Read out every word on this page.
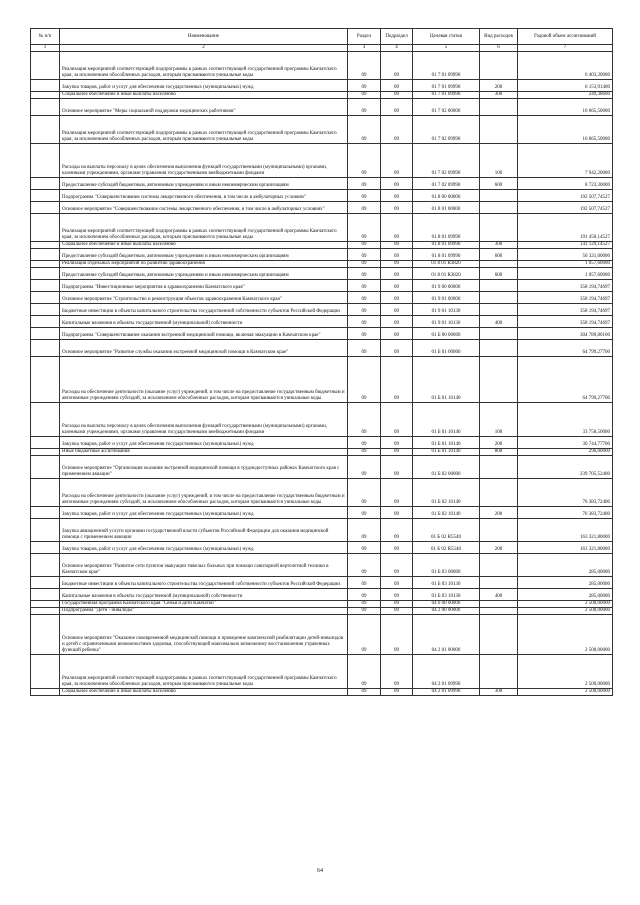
№ п/п	Наименование	Раздел	Подраздел	Целевая статья	Вид расходов	Годовой объем ассигнований
1	2	3	4	5	6	7
	Реализация мероприятий соответствующей подпрограммы в рамках соответствующей государственной программы Камчатского края, за исключением обособленных расходов, которым присваиваются уникальные коды	09	09	01 7 01 09990		6 403,30000
	Закупка товаров, работ и услуг для обеспечения государственных (муниципальных) нужд	09	09	01 7 01 09990	200	6 153,91400
	Социальное обеспечение и иные выплаты населению	09	09	01 7 01 09990	300	249,38600
	Основное мероприятие "Меры социальной поддержки медицинских работников"	09	09	01 7 02 00000		16 665,50000
	Реализация мероприятий соответствующей подпрограммы в рамках соответствующей государственной программы Камчатского края, за исключением обособленных расходов, которым присваиваются уникальные коды	09	09	01 7 02 09990		16 665,50000
	Расходы на выплаты персоналу в целях обеспечения выполнения функций государственными (муниципальными) органами, казенными учреждениями, органами управления государственными внебюджетными фондами	09	09	01 7 02 09990	100	7 942,20000
	Предоставление субсидий бюджетным, автономным учреждениям и иным некоммерческим организациям	09	09	01 7 02 09990	600	8 723,30000
	Подпрограмма "Совершенствование системы лекарственного обеспечения, в том числе в амбулаторных условиях"	09	09	01 8 00 00000		192 507,74527
	Основное мероприятие "Совершенствование системы лекарственного обеспечения, в том числе в амбулаторных условиях"	09	09	01 8 01 00000		192 507,74527
	Реализация мероприятий соответствующей подпрограммы в рамках соответствующей государственной программы Камчатского края, за исключением обособленных расходов, которым присваиваются уникальные коды	09	09	01 8 01 09990		191 450,14527
	Социальное обеспечение и иные выплаты населению	09	09	01 8 01 09990	300	141 129,14527
	Предоставление субсидий бюджетным, автономным учреждениям и иным некоммерческим организациям	09	09	01 8 01 09990	600	50 321,00000
	Реализация отдельных мероприятий по развитию здравоохранения	09	09	01 8 01 R3820		1 057,60000
	Предоставление субсидий бюджетным, автономным учреждениям и иным некоммерческим организациям	09	09	01 8 01 R3820	600	1 057,60000
	Подпрограмма "Инвестиционные мероприятия в здравоохранении Камчатского края"	09	09	01 9 00 00000		358 194,74697
	Основное мероприятие "Строительство и реконструкция объектов здравоохранения Камчатского края"	09	09	01 9 01 00000		358 194,74697
	Бюджетные инвестиции в объекты капитального строительства государственной собственности субъектов Российской Федерации	09	09	01 9 01 10130		358 194,74697
	Капитальные вложения в объекты государственной (муниципальной) собственности	09	09	01 9 01 10130	400	358 194,74697
	Подпрограмма "Совершенствование оказания экстренной медицинской помощи, включая эвакуацию в Камчатском крае"	09	09	01 Б 00 00000		304 789,80100
	Основное мероприятие "Развитие службы оказания экстренной медицинской помощи в Камчатском крае"	09	09	01 Б 01 00000		64 799,27700
	Расходы на обеспечение деятельности (оказание услуг) учреждений, в том числе на предоставление государственным бюджетным и автономным учреждениям субсидий, за исключением обособленных расходов, которым присваиваются уникальные коды	09	09	01 Б 01 10140		64 799,27700
	Расходы на выплаты персоналу в целях обеспечения выполнения функций государственными (муниципальными) органами, казенными учреждениями, органами управления государственными внебюджетными фондами	09	09	01 Б 01 10140	100	33 758,50000
	Закупка товаров, работ и услуг для обеспечения государственных (муниципальных) нужд	09	09	01 Б 01 10140	200	30 744,77700
	Иные бюджетные ассигнования	09	09	01 Б 01 10140	800	296,00000
	Основное мероприятие "Организация оказания экстренной медицинской помощи в труднодоступных районах Камчатского края с применением авиации"	09	09	01 Б 02 00000		239 705,52400
	Расходы на обеспечение деятельности (оказание услуг) учреждений, в том числе на предоставление государственным бюджетным и автономным учреждениям субсидий, за исключением обособленных расходов, которым присваиваются уникальные коды	09	09	01 Б 02 10140		76 383,72400
	Закупка товаров, работ и услуг для обеспечения государственных (муниципальных) нужд	09	09	01 Б 02 10140	200	76 383,72400
	Закупка авиационной услуги органами государственной власти субъектов Российской Федерации для оказания медицинской помощи с применением авиации	09	09	01 Б 02 R5540		163 321,80000
	Закупка товаров, работ и услуг для обеспечения государственных (муниципальных) нужд	09	09	01 Б 02 R5540	200	163 321,80000
	Основное мероприятие "Развитие сети пунктов эвакуации тяжелых больных при помощи санитарной вертолетной техники в Камчатском крае"	09	09	01 Б 03 00000		285,00000
	Бюджетные инвестиции в объекты капитального строительства государственной собственности субъектов Российской Федерации	09	09	01 Б 03 10130		285,00000
	Капитальные вложения в объекты государственной (муниципальной) собственности	09	09	01 Б 03 10130	400	285,00000
	Государственная программа Камчатского края "Семья и дети Камчатки"	09	09	04 0 00 00000		2 500,00000
	Подпрограмма "Дети - инвалиды"	09	09	04 2 00 00000		2 500,00000
	Основное мероприятие "Оказание своевременной медицинской помощи и проведение комплексной реабилитации детей-инвалидов и детей с ограниченными возможностями здоровья, способствующей максимально возможному восстановлению утраченных функций ребенка"	09	09	04 2 01 00000		2 500,00000
	Реализация мероприятий соответствующей подпрограммы в рамках соответствующей государственной программы Камчатского края, за исключением обособленных расходов, которым присваиваются уникальные коды	09	09	04 2 01 09990		2 500,00000
	Социальное обеспечение и иные выплаты населению	09	09	04 2 01 09990	300	2 500,00000
64
